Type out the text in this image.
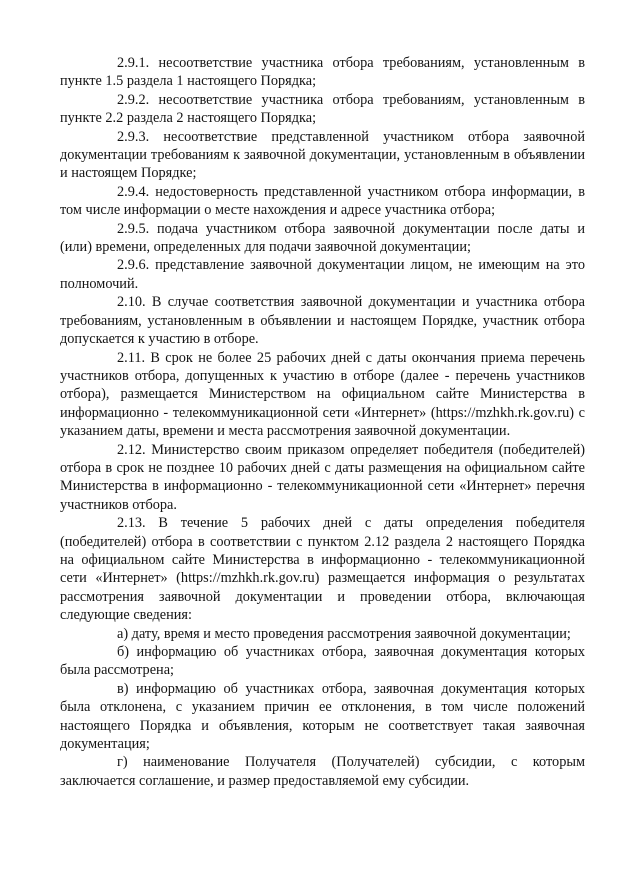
2.9.1. несоответствие участника отбора требованиям, установленным в пункте 1.5 раздела 1 настоящего Порядка;

2.9.2. несоответствие участника отбора требованиям, установленным в пункте 2.2 раздела 2 настоящего Порядка;

2.9.3. несоответствие представленной участником отбора заявочной документации требованиям к заявочной документации, установленным в объявлении и настоящем Порядке;

2.9.4. недостоверность представленной участником отбора информации, в том числе информации о месте нахождения и адресе участника отбора;

2.9.5. подача участником отбора заявочной документации после даты и (или) времени, определенных для подачи заявочной документации;

2.9.6. представление заявочной документации лицом, не имеющим на это полномочий.

2.10. В случае соответствия заявочной документации и участника отбора требованиям, установленным в объявлении и настоящем Порядке, участник отбора допускается к участию в отборе.

2.11. В срок не более 25 рабочих дней с даты окончания приема перечень участников отбора, допущенных к участию в отборе (далее - перечень участников отбора), размещается Министерством на официальном сайте Министерства в информационно - телекоммуникационной сети «Интернет» (https://mzhkh.rk.gov.ru) с указанием даты, времени и места рассмотрения заявочной документации.

2.12. Министерство своим приказом определяет победителя (победителей) отбора в срок не позднее 10 рабочих дней с даты размещения на официальном сайте Министерства в информационно - телекоммуникационной сети «Интернет» перечня участников отбора.

2.13. В течение 5 рабочих дней с даты определения победителя (победителей) отбора в соответствии с пунктом 2.12 раздела 2 настоящего Порядка на официальном сайте Министерства в информационно - телекоммуникационной сети «Интернет» (https://mzhkh.rk.gov.ru) размещается информация о результатах рассмотрения заявочной документации и проведении отбора, включающая следующие сведения:

а) дату, время и место проведения рассмотрения заявочной документации;

б) информацию об участниках отбора, заявочная документация которых была рассмотрена;

в) информацию об участниках отбора, заявочная документация которых была отклонена, с указанием причин ее отклонения, в том числе положений настоящего Порядка и объявления, которым не соответствует такая заявочная документация;

г) наименование Получателя (Получателей) субсидии, с которым заключается соглашение, и размер предоставляемой ему субсидии.
